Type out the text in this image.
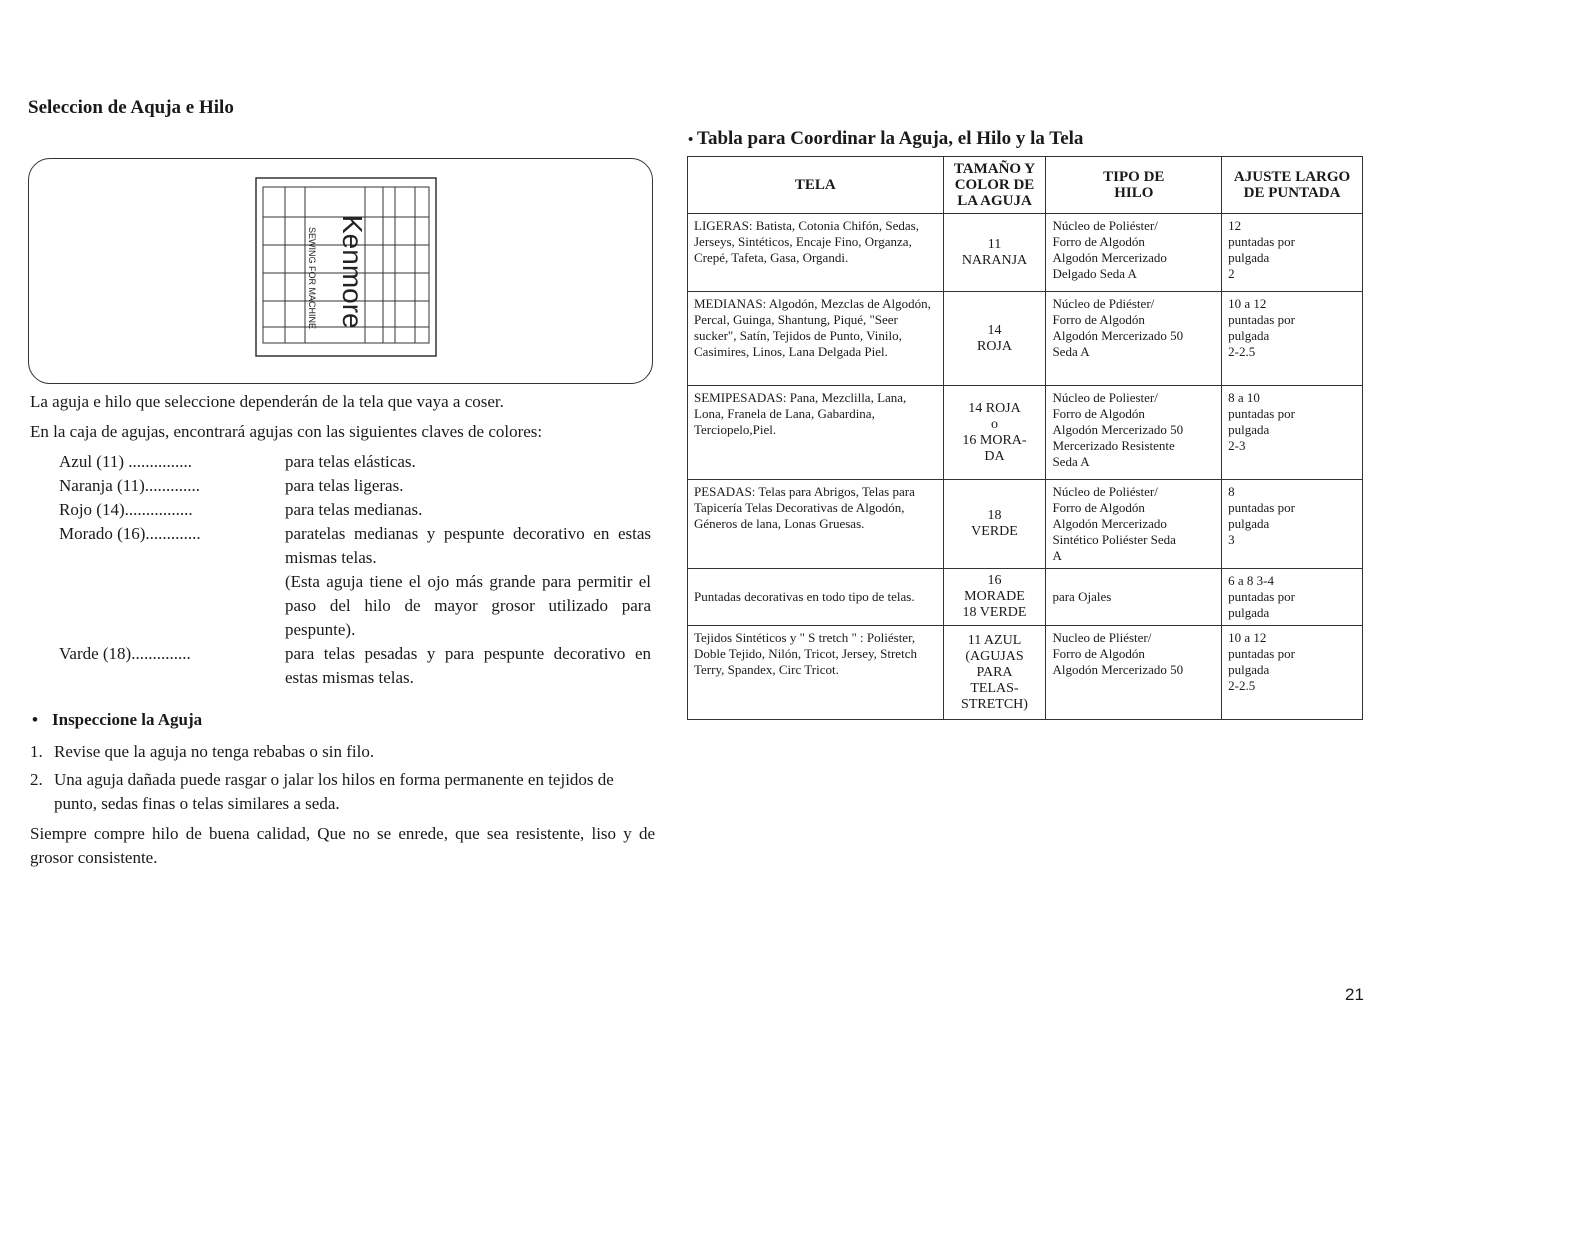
Seleccion de Aquja e Hilo
Kenmore
SEWING FOR MACHINE
La aguja e hilo que seleccione dependerán de la tela que vaya a coser.
En la caja de agujas, encontrará agujas con las siguientes claves de colores:
Azul (11) ...............	para telas elásticas.
Naranja (11).............	para telas ligeras.
Rojo (14)................	para telas medianas.
Morado (16).............	paratelas medianas y pespunte decorativo en estas mismas telas.
(Esta aguja tiene el ojo más grande para permitir el paso del hilo de mayor grosor utilizado para pespunte).
Varde (18)..............	para telas pesadas y para pespunte decorativo en estas mismas telas.
• Inspeccione la Aguja
1. Revise que la aguja no tenga rebabas o sin filo.
2. Una aguja dañada puede rasgar o jalar los hilos en forma permanente en tejidos de punto, sedas finas o telas similares a seda.
Siempre compre hilo de buena calidad, Que no se enrede, que sea resistente, liso y de grosor consistente.
• Tabla para Coordinar la Aguja, el Hilo y la Tela
TELA	TAMAÑO Y
COLOR DE
LA AGUJA	TIPO DE
HILO	AJUSTE LARGO
DE PUNTADA
LIGERAS: Batista, Cotonia Chifón, Sedas, Jerseys, Sintéticos, Encaje Fino, Organza, Crepé, Tafeta, Gasa, Organdi.	11
NARANJA	Núcleo de Poliéster/
Forro de Algodón
Algodón Mercerizado
Delgado Seda A	12
puntadas por
pulgada
2
MEDIANAS: Algodón, Mezclas de Algodón, Percal, Guinga, Shantung, Piqué, "Seer sucker", Satín, Tejidos de Punto, Vinilo, Casimires, Linos, Lana Delgada Piel.	14
ROJA	Núcleo de Pdiéster/
Forro de Algodón
Algodón Mercerizado 50
Seda A	10 a 12
puntadas por
pulgada
2-2.5
SEMIPESADAS: Pana, Mezclilla, Lana, Lona, Franela de Lana, Gabardina, Terciopelo,Piel.	14 ROJA
o
16 MORA-
DA	Núcleo de Poliester/
Forro de Algodón
Algodón Mercerizado 50
Mercerizado Resistente
Seda A	8 a 10
puntadas por
pulgada
2-3
PESADAS: Telas para Abrigos, Telas para Tapicería Telas Decorativas de Algodón, Géneros de lana, Lonas Gruesas.	18
VERDE	Núcleo de Poliéster/
Forro de Algodón
Algodón Mercerizado
Sintético Poliéster Seda
A	8
puntadas por
pulgada
3
Puntadas decorativas en todo tipo de telas.	16
MORADE
18 VERDE	para Ojales	6 a 8 3-4
puntadas por
pulgada
Tejidos Sintéticos y " S tretch " : Poliéster, Doble Tejido, Nilón, Tricot, Jersey, Stretch Terry, Spandex, Circ Tricot.	11 AZUL
(AGUJAS
PARA
TELAS-
STRETCH)	Nucleo de Pliéster/
Forro de Algodón
Algodón Mercerizado 50	10 a 12
puntadas por
pulgada
2-2.5
21
